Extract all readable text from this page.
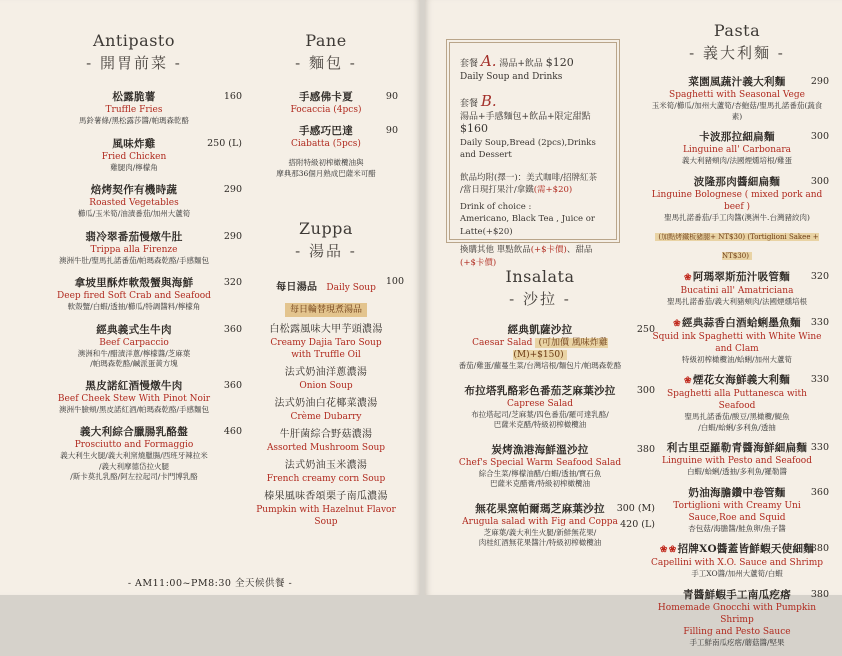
Antipasto
- 開胃前菜 -
松露脆薯
Truffle Fries
馬鈴薯條/黑松露莎醬/帕瑪森乾酪
160
風味炸雞
Fried Chicken
雞腿肉/檸檬角
250 (L)
焙烤契作有機時蔬
Roasted Vegetables
櫛瓜/玉米筍/油漬番茄/加州大蘆筍
290
翡冷翠番茄慢燉牛肚
Trippa alla Firenze
澳洲牛肚/聖馬扎諾番茄/帕瑪森乾酪/手感麵包
290
拿坡里酥炸軟殼蟹與海鮮
Deep fired Soft Crab and Seafood
軟殼蟹/白蝦/透抽/櫛瓜/特調醬料/檸檬角
320
經典義式生牛肉
Beef Carpaccio
澳洲和牛/醋漬洋蔥/檸檬醬/芝麻葉
/帕瑪森乾酪/鹹派蛋黃方塊
360
黑皮諾紅酒慢燉牛肉
Beef Cheek Stew With Pinot Noir
澳洲牛臉頰/黑皮諾紅酒/帕瑪森乾酪/手感麵包
360
義大利綜合臘腸乳酪盤
Prosciutto and Formaggio
義大利生火腿/義大利窯燒臘腸/西班牙辣拉米
/義大利摩德岱拉火腿
/斯卡莫扎乳酪/阿左拉起司/卡門博乳酪
460
Pane
- 麵包 -
手感佛卡夏
Focaccia (4pcs)
90
手感巧巴達
Ciabatta (5pcs)
90
搭附特級初榨橄欖油與
摩典那36個月熟成巴薩米可醋
Zuppa
- 湯品 -
每日湯品 Daily Soup
100
每日輪替現煮湯品
白松露風味大甲芋頭濃湯
Creamy Dajia Taro Soup
with Truffle Oil
法式奶油洋蔥濃湯
Onion Soup
法式奶油白花椰菜濃湯
Crème Dubarry
牛肝菌綜合野菇濃湯
Assorted Mushroom Soup
法式奶油玉米濃湯
French creamy corn Soup
榛果風味香頌栗子南瓜濃湯
Pumpkin with Hazelnut Flavor Soup
- AM11:00~PM8:30 全天候供餐 -
套餐 A. 湯品+飲品 $120
Daily Soup and Drinks
套餐 B.
湯品+手感麵包+飲品+限定甜點 $160
Daily Soup,Bread (2pcs),Drinks and Dessert
飲品均附(擇一)：美式咖啡/招牌紅茶
/當日現打果汁/拿鐵(需+$20)
Drink of choice :
Americano, Black Tea , Juice or Latte(+$20)
換購其他 單點飲品(+$卡價)、甜品(+$卡價)
Insalata
- 沙拉 -
經典凱薩沙拉
Caesar Salad (可加價 風味炸雞(M)+$150)
番茄/雞蛋/蘿蔓生菜/台灣培根/麵包片/帕瑪森乾酪
250
布拉塔乳酪彩色番茄芝麻葉沙拉
Caprese Salad
布拉塔起司/芝麻葉/四色番茄/羅可達乳酪/
巴薩米克醋/特級初榨橄欖油
300
炭烤漁港海鮮溫沙拉
Chef's Special Warm Seafood Salad
綜合生菜/檸檬油醋/白蝦/透抽/寶石魚
巴薩米克醋膏/特級初榨橄欖油
380
無花果窯帕爾瑪芝麻葉沙拉
Arugula salad with Fig and Coppa
芝麻葉/義大利生火腿/新鮮無花果/
肉桂紅酒無花果醬汁/特級初榨橄欖油
300 (M)
420 (L)
Pasta
- 義大利麵 -
菜園風蔬汁義大利麵
Spaghetti with Seasonal Vege
玉米筍/櫛瓜/加州大蘆筍/杏鮑菇/聖馬扎諾番茄(蔬食素)
290
卡波那拉細扁麵
Linguine all' Carbonara
義大利豬頰肉/法國煙燻培根/雞蛋
300
波隆那肉醬細扁麵
Linguine Bolognese ( mixed pork and beef )
聖馬扎諾番茄/手工肉醬(澳洲牛.台灣豬絞肉)
(加點烤鐵板豬腿+ NT$30) (Tortiglioni Sakee + NT$30)
300
❀阿瑪翠斯茄汁吸管麵
Bucatini all' Amatriciana
聖馬扎諾番茄/義大利豬頰肉/法國煙燻培根
320
❀經典蒜香白酒蛤蜊墨魚麵
Squid ink Spaghetti with White Wine and Clam
特級初榨橄欖油/蛤蜊/加州大蘆筍
330
❀煙花女海鮮義大利麵
Spaghetti alla Puttanesca with Seafood
聖馬扎諾番茄/酸豆/黑橄欖/鯷魚
/白蝦/蛤蜊/多利魚/透抽
330
利古里亞羅勒青醬海鮮細扁麵
Linguine with Pesto and Seafood
白蝦/蛤蜊/透抽/多利魚/羅勒醬
330
奶油海膽鑽中卷管麵
Tortiglioni with Creamy Uni Sauce,Roe and Squid
杏包菇/海膽醬/鮭魚卵/魚子醬
360
❀❀招牌XO醬蓋皆鮮蝦天使細麵
Capellini with X.O. Sauce and Shrimp
手工XO醬/加州大蘆筍/白蝦
380
青醬鮮蝦手工南瓜疙瘩
Homemade Gnocchi with Pumpkin Shrimp
Filling and Pesto Sauce
手工鮮南瓜疙瘩/蘑菇醬/堅果
380
